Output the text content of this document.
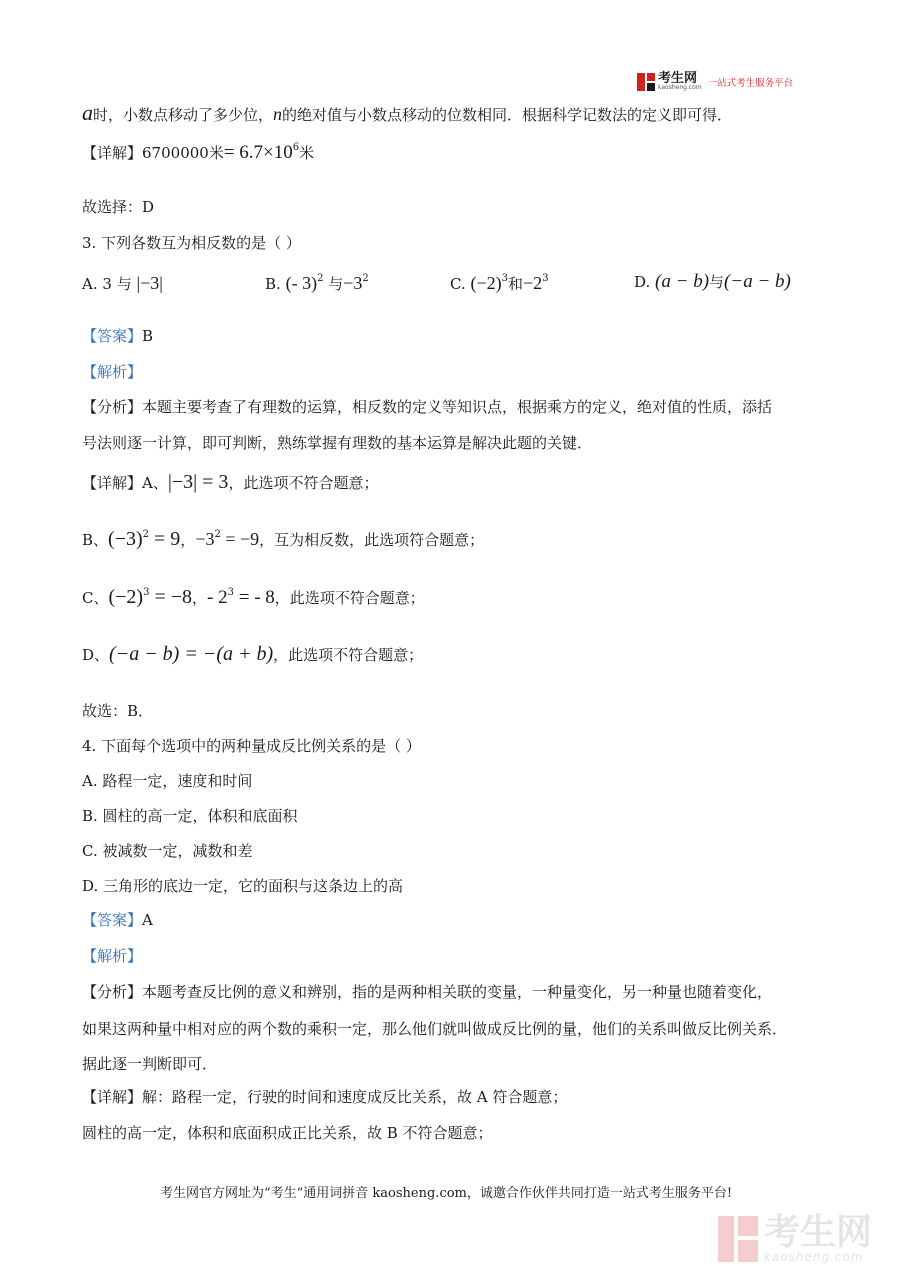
考生网
kaosheng.com 一站式考生服务平台
a时，小数点移动了多少位，n的绝对值与小数点移动的位数相同．根据科学记数法的定义即可得．
【详解】6700000米= $6.7\times 10^6$米
故选择：D
3. 下列各数互为相反数的是（ ）
A. 3 与 |−3|	B. (- 3)$^2$ 与$-3^2$	C. $(-2)^3$和$-2^3$	D. (a − b)与(−a − b)
【答案】B
【解析】
【分析】本题主要考查了有理数的运算，相反数的定义等知识点，根据乘方的定义，绝对值的性质，添括
号法则逐一计算，即可判断，熟练掌握有理数的基本运算是解决此题的关键．
【详解】A、|−3| = 3，此选项不符合题意；
B、$(-3)^2 = 9$，$-3^2 = -9$，互为相反数，此选项符合题意；
C、$(-2)^3 = -8$，- $2^3$ = - 8，此选项不符合题意；
D、(−a − b) = −(a + b)，此选项不符合题意；
故选：B．
4. 下面每个选项中的两种量成反比例关系的是（ ）
A. 路程一定，速度和时间
B. 圆柱的高一定，体积和底面积
C. 被减数一定，减数和差
D. 三角形的底边一定，它的面积与这条边上的高
【答案】A
【解析】
【分析】本题考查反比例的意义和辨别，指的是两种相关联的变量，一种量变化，另一种量也随着变化，
如果这两种量中相对应的两个数的乘积一定，那么他们就叫做成反比例的量，他们的关系叫做反比例关系．
据此逐一判断即可．
【详解】解：路程一定，行驶的时间和速度成反比关系，故 A 符合题意；
圆柱的高一定，体积和底面积成正比关系，故 B 不符合题意；
考生网官方网址为“考生”通用词拼音 kaosheng.com，诚邀合作伙伴共同打造一站式考生服务平台!
考生网
kaosheng.com
